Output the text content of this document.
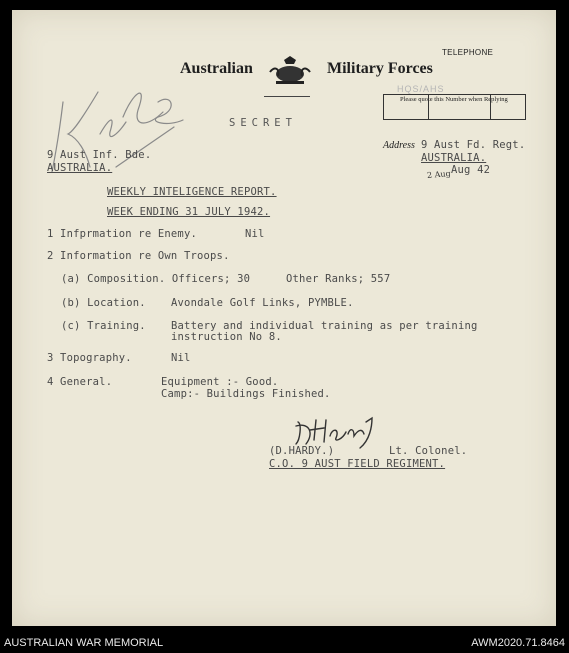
Australian	Military Forces
TELEPHONE
HQS/AHS
Please quote this Number when Replying
SECRET
Address 9 Aust Fd. Regt.
AUSTRALIA.
Aug 42
2 Aug
9 Aust Inf. Bde.
AUSTRALIA.
WEEKLY INTELIGENCE REPORT.
WEEK ENDING 31 JULY 1942.
1 Infprmation re Enemy.	Nil
2 Information re Own Troops.
(a) Composition. Officers; 30	Other Ranks; 557
(b) Location. Avondale Golf Links, PYMBLE.
(c) Training. Battery and individual training as per training
instruction No 8.
3 Topography.	Nil
4 General.	Equipment :- Good.
Camp:- Buildings Finished.
(D.HARDY.)	Lt. Colonel.
C.O. 9 AUST FIELD REGIMENT.
AUSTRALIAN WAR MEMORIAL	AWM2020.71.8464
